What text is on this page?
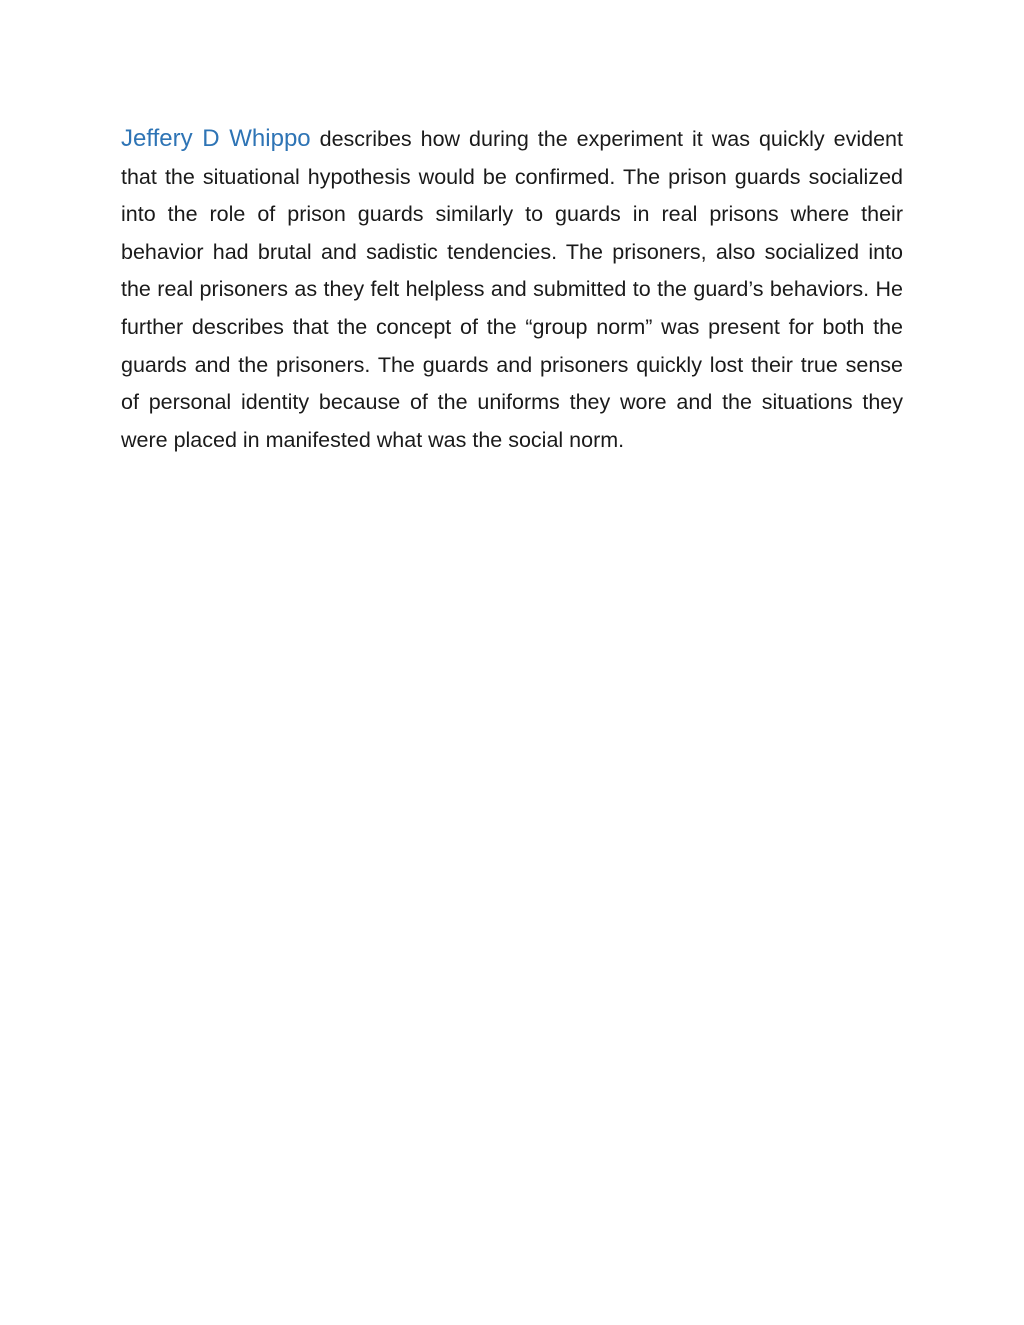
Jeffery D Whippo describes how during the experiment it was quickly evident that the situational hypothesis would be confirmed. The prison guards socialized into the role of prison guards similarly to guards in real prisons where their behavior had brutal and sadistic tendencies. The prisoners, also socialized into the real prisoners as they felt helpless and submitted to the guard’s behaviors. He further describes that the concept of the “group norm” was present for both the guards and the prisoners. The guards and prisoners quickly lost their true sense of personal identity because of the uniforms they wore and the situations they were placed in manifested what was the social norm.
